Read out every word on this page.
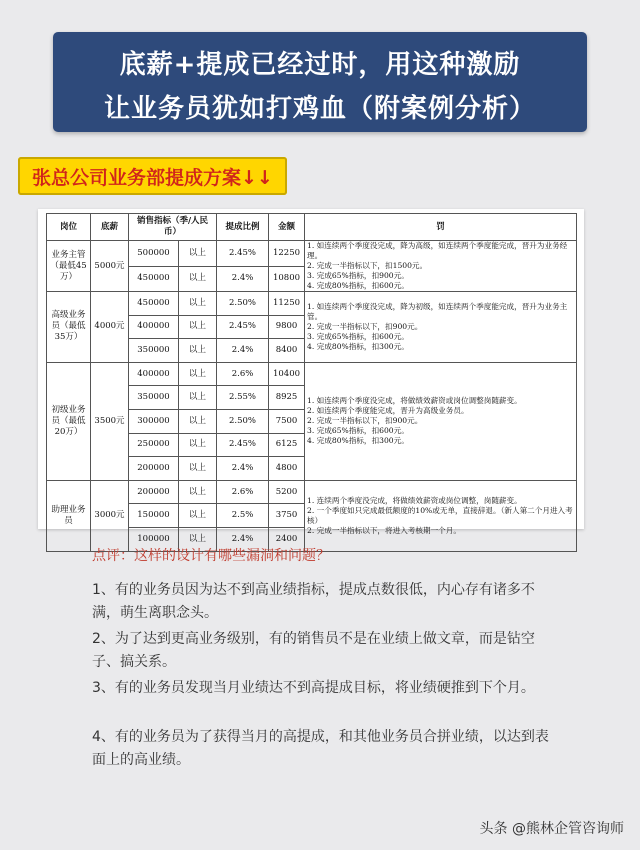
底薪+提成已经过时，用这种激励
让业务员犹如打鸡血（附案例分析）
张总公司业务部提成方案↓↓
岗位	底薪	销售指标（季/人民币）		提成比例	金额	罚
业务主管（最低45万）	5000元	500000	以上	2.45%	12250	1. 如连续两个季度没完成，降为高级，如连续两个季度能完成，晋升为业务经理。
2. 完成一半指标以下，扣1500元。
3. 完成65%指标，扣900元。
4. 完成80%指标，扣600元。
		450000	以上	2.4%	10800	
高级业务员（最低35万）	4000元	450000	以上	2.50%	11250	1. 如连续两个季度没完成，降为初级，如连续两个季度能完成，晋升为业务主管。
2. 完成一半指标以下，扣900元。
3. 完成65%指标，扣600元。
4. 完成80%指标，扣300元。
		400000	以上	2.45%	9800	
		350000	以上	2.4%	8400	
初级业务员（最低20万）	3500元	400000	以上	2.6%	10400	1. 如连续两个季度没完成，将做绩效薪资或岗位调整岗随薪变。
2. 如连续两个季度能完成，晋升为高级业务员。
2. 完成一半指标以下，扣900元。
3. 完成65%指标，扣600元。
4. 完成80%指标，扣300元。
		350000	以上	2.55%	8925	
		300000	以上	2.50%	7500	
		250000	以上	2.45%	6125	
		200000	以上	2.4%	4800	
助理业务员	3000元	200000	以上	2.6%	5200	1. 连续两个季度没完成，将做绩效薪资或岗位调整，岗随薪变。
2. 一个季度如只完成最低额度的10%或无单，直接辞退。（新人第二个月进入考核）
2. 完成一半指标以下，将进入考核期一个月。
		150000	以上	2.5%	3750	
		100000	以上	2.4%	2400	
点评：这样的设计有哪些漏洞和问题？
1、有的业务员因为达不到高业绩指标，提成点数很低，内心存有诸多不满，萌生离职念头。
2、为了达到更高业务级别，有的销售员不是在业绩上做文章，而是钻空子、搞关系。
3、有的业务员发现当月业绩达不到高提成目标，将业绩硬推到下个月。
4、有的业务员为了获得当月的高提成，和其他业务员合拼业绩，以达到表面上的高业绩。
头条 @熊林企管咨询师
